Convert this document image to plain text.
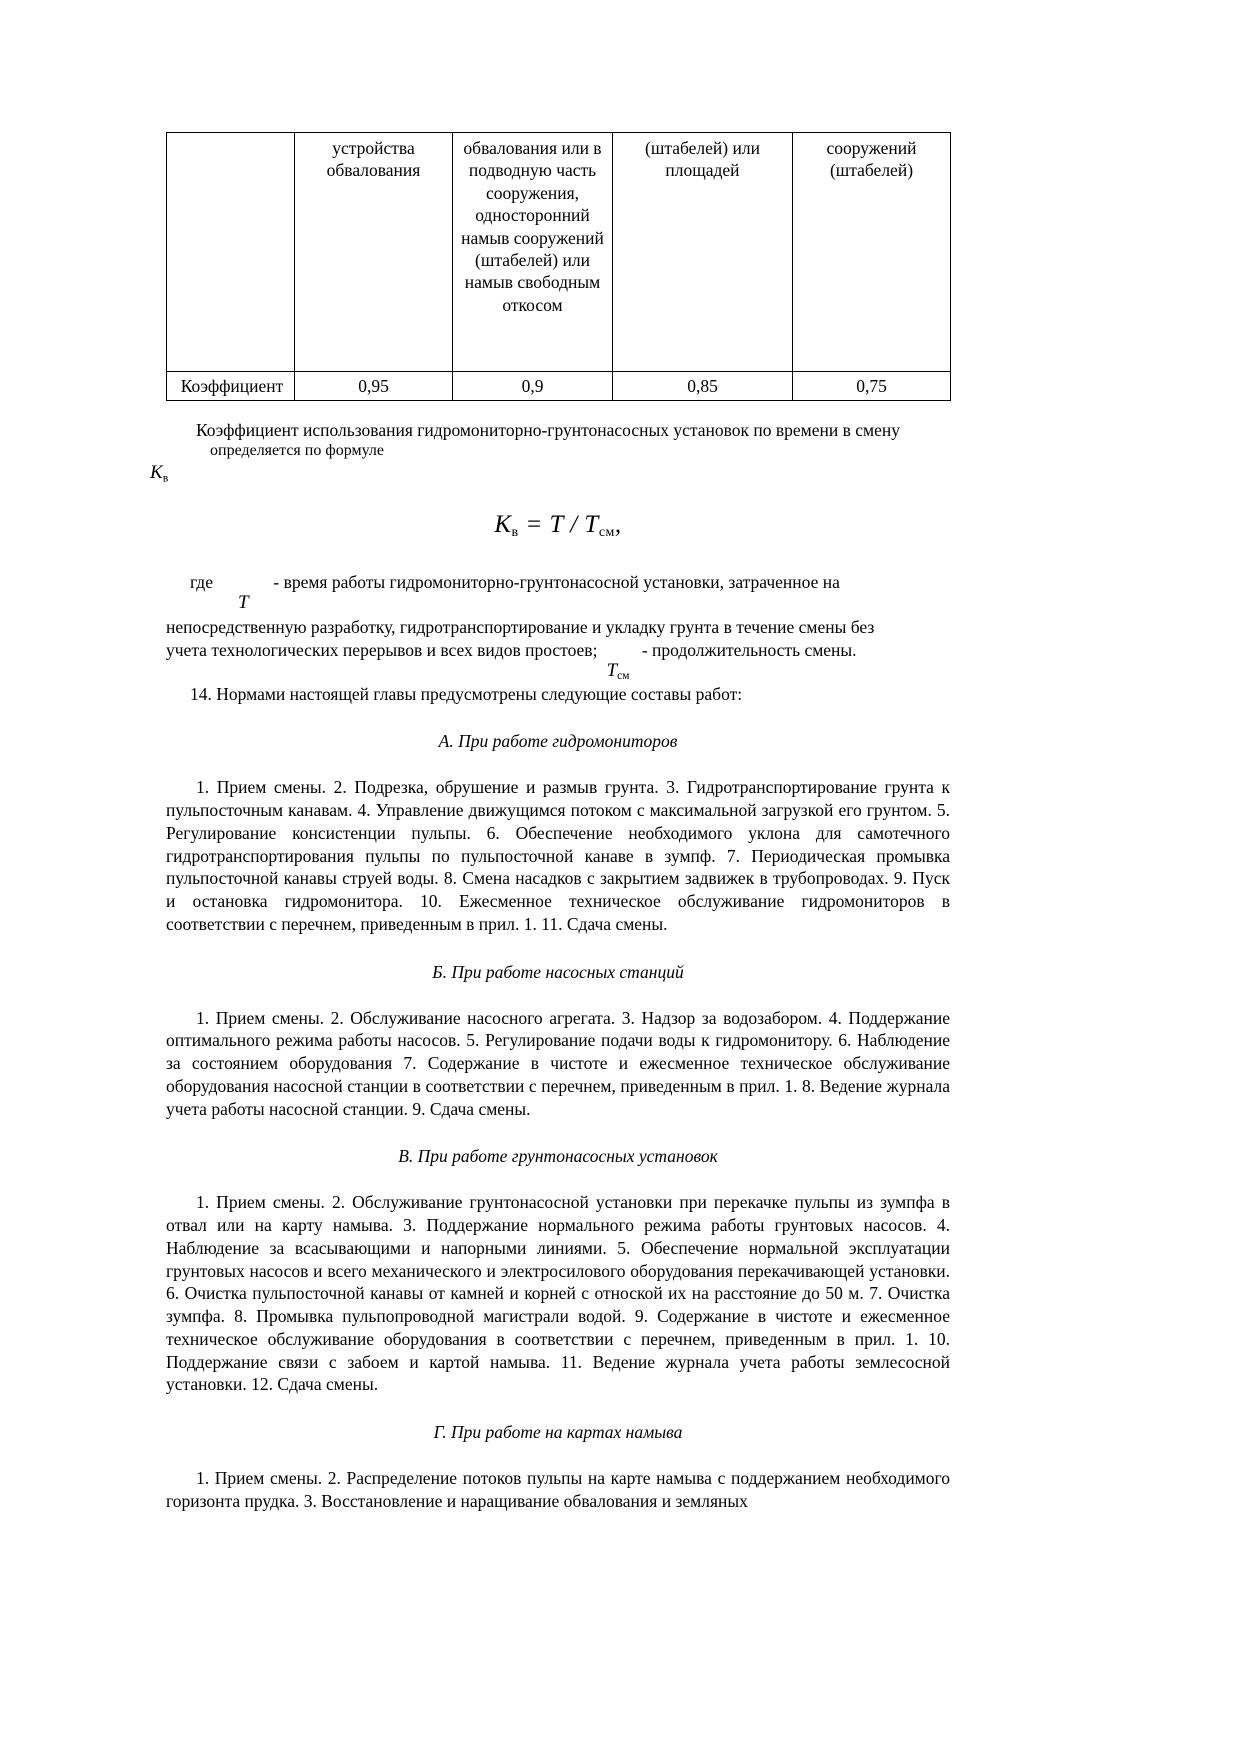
	устройства обвалования	обвалования или в подводную часть сооружения, односторонний намыв сооружений (штабелей) или намыв свободным откосом	(штабелей) или площадей	сооружений (штабелей)
Коэффициент	0,95	0,9	0,85	0,75

Коэффициент использования гидромониторно-грунтонасосных установок по времени в смену

определяется по формуле
$K_в$
$K_в = T / T_{см}$,

где	- время работы гидромониторно-грунтонасосной установки, затраченное на

T

непосредственную разработку, гидротранспортирование и укладку грунта в течение смены без

учета технологических перерывов и всех видов простоев;	- продолжительность смены.

$T_{см}$

14. Нормами настоящей главы предусмотрены следующие составы работ:

А. При работе гидромониторов

1. Прием смены. 2. Подрезка, обрушение и размыв грунта. 3. Гидротранспортирование грунта к пульпосточным канавам. 4. Управление движущимся потоком с максимальной загрузкой его грунтом. 5. Регулирование консистенции пульпы. 6. Обеспечение необходимого уклона для самотечного гидротранспортирования пульпы по пульпосточной канаве в зумпф. 7. Периодическая промывка пульпосточной канавы струей воды. 8. Смена насадков с закрытием задвижек в трубопроводах. 9. Пуск и остановка гидромонитора. 10. Ежесменное техническое обслуживание гидромониторов в соответствии с перечнем, приведенным в прил. 1. 11. Сдача смены.

Б. При работе насосных станций

1. Прием смены. 2. Обслуживание насосного агрегата. 3. Надзор за водозабором. 4. Поддержание оптимального режима работы насосов. 5. Регулирование подачи воды к гидромонитору. 6. Наблюдение за состоянием оборудования 7. Содержание в чистоте и ежесменное техническое обслуживание оборудования насосной станции в соответствии с перечнем, приведенным в прил. 1. 8. Ведение журнала учета работы насосной станции. 9. Сдача смены.

В. При работе грунтонасосных установок

1. Прием смены. 2. Обслуживание грунтонасосной установки при перекачке пульпы из зумпфа в отвал или на карту намыва. 3. Поддержание нормального режима работы грунтовых насосов. 4. Наблюдение за всасывающими и напорными линиями. 5. Обеспечение нормальной эксплуатации грунтовых насосов и всего механического и электросилового оборудования перекачивающей установки. 6. Очистка пульпосточной канавы от камней и корней с отноской их на расстояние до 50 м. 7. Очистка зумпфа. 8. Промывка пульпопроводной магистрали водой. 9. Содержание в чистоте и ежесменное техническое обслуживание оборудования в соответствии с перечнем, приведенным в прил. 1. 10. Поддержание связи с забоем и картой намыва. 11. Ведение журнала учета работы землесосной установки. 12. Сдача смены.

Г. При работе на картах намыва

1. Прием смены. 2. Распределение потоков пульпы на карте намыва с поддержанием необходимого горизонта прудка. 3. Восстановление и наращивание обвалования и земляных
